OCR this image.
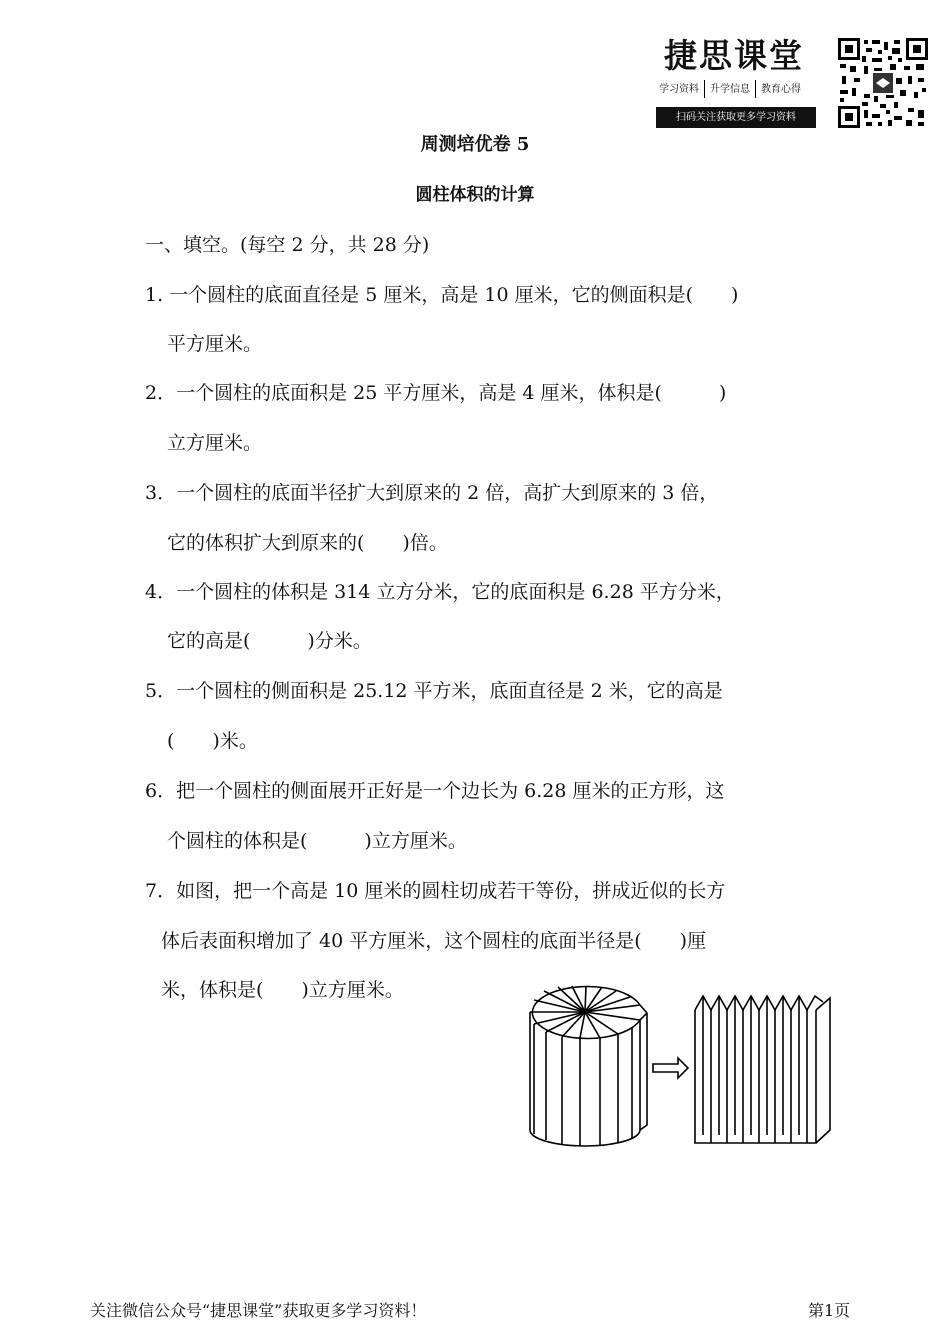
捷思课堂
学习资料 升学信息 教育心得
扫码关注获取更多学习资料
周测培优卷 5
圆柱体积的计算
一、填空。(每空 2 分，共 28 分)
1. 一个圆柱的底面直径是 5 厘米，高是 10 厘米，它的侧面积是(　　)
平方厘米。
2．一个圆柱的底面积是 25 平方厘米，高是 4 厘米，体积是(　　　)
立方厘米。
3．一个圆柱的底面半径扩大到原来的 2 倍，高扩大到原来的 3 倍，
它的体积扩大到原来的(　　)倍。
4．一个圆柱的体积是 314 立方分米，它的底面积是 6.28 平方分米，
它的高是(　　　)分米。
5．一个圆柱的侧面积是 25.12 平方米，底面直径是 2 米，它的高是
(　　)米。
6．把一个圆柱的侧面展开正好是一个边长为 6.28 厘米的正方形，这
个圆柱的体积是(　　　)立方厘米。
7．如图，把一个高是 10 厘米的圆柱切成若干等份，拼成近似的长方
体后表面积增加了 40 平方厘米，这个圆柱的底面半径是(　　)厘
米，体积是(　　)立方厘米。
关注微信公众号“捷思课堂”获取更多学习资料！	第1页
